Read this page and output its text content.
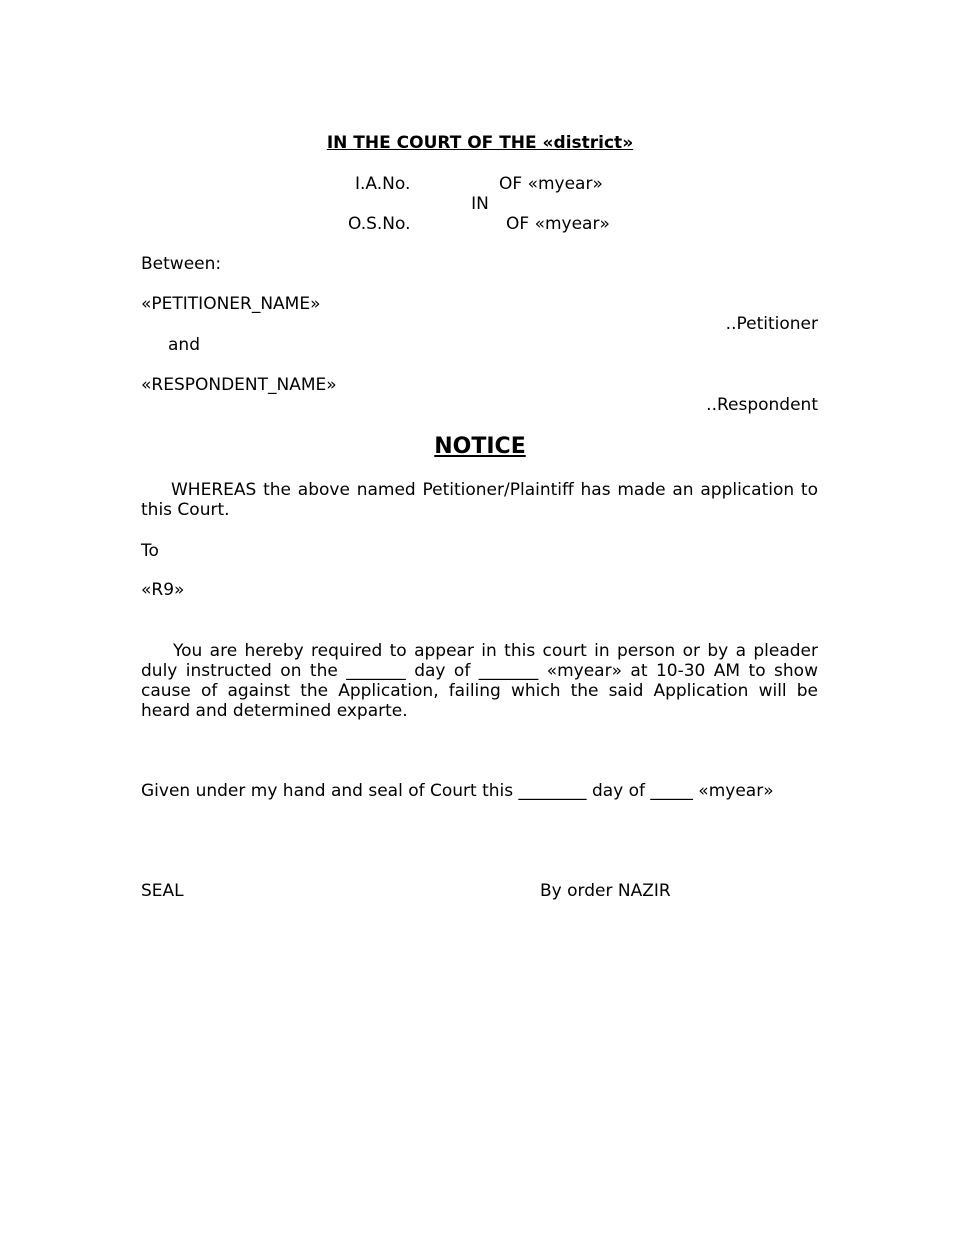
IN THE COURT OF THE «district»
I.A.No.	OF «myear»
IN
O.S.No.	OF «myear»
Between:
«PETITIONER_NAME»
..Petitioner
and
«RESPONDENT_NAME»
..Respondent
NOTICE
WHEREAS the above named Petitioner/Plaintiff has made an application to this Court.
To
«R9»
You are hereby required to appear in this court in person or by a pleader duly instructed on the _______ day of _______ «myear» at 10-30 AM to show cause of against the Application, failing which the said Application will be heard and determined exparte.
Given under my hand and seal of Court this ________ day of _____ «myear»
SEAL	By order NAZIR
